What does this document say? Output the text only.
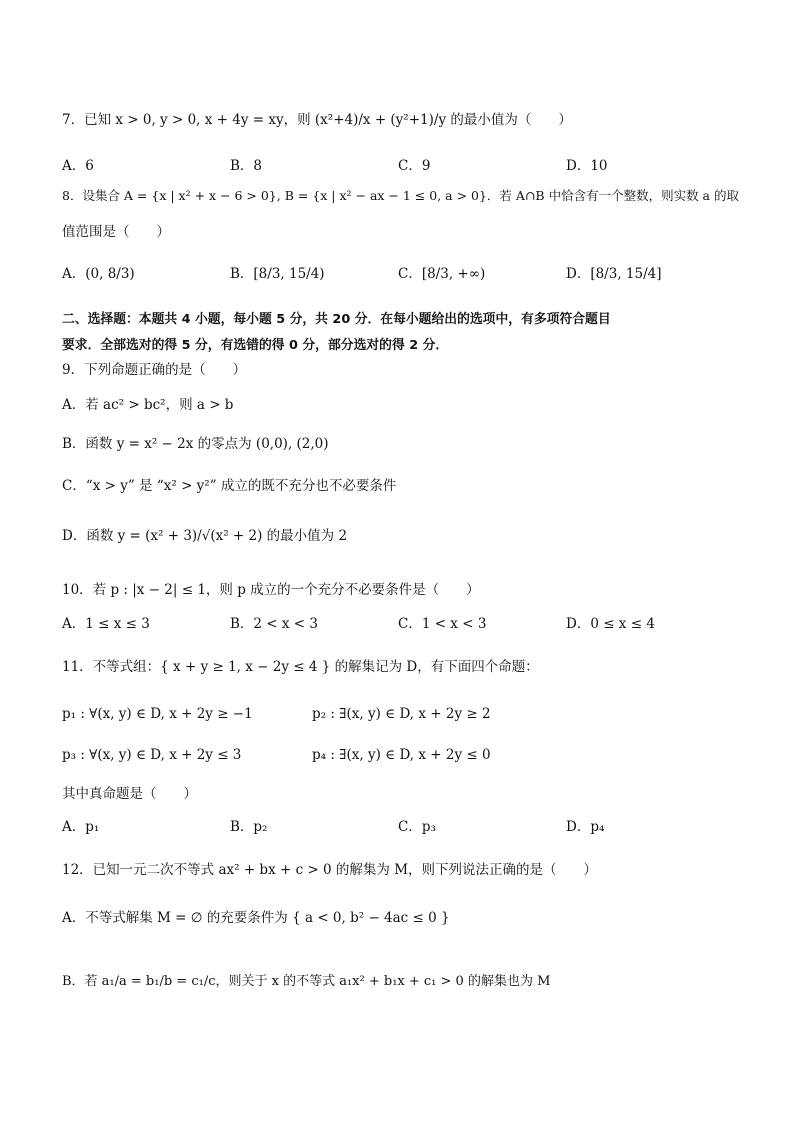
7．已知 x > 0, y > 0, x + 4y = xy，则 (x²+4)/x + (y²+1)/y 的最小值为（　　）
A．6	B．8	C．9	D．10
8．设集合 A = {x | x² + x − 6 > 0}, B = {x | x² − ax − 1 ≤ 0, a > 0}．若 A∩B 中恰含有一个整数，则实数 a 的取
值范围是（　　）
A．(0, 8/3)	B．[8/3, 15/4)	C．[8/3, +∞)	D．[8/3, 15/4]
二、选择题：本题共 4 小题，每小题 5 分，共 20 分．在每小题给出的选项中，有多项符合题目
要求．全部选对的得 5 分，有选错的得 0 分，部分选对的得 2 分．
9．下列命题正确的是（　　）
A．若 ac² > bc²，则 a > b
B．函数 y = x² − 2x 的零点为 (0,0), (2,0)
C．“x > y” 是 “x² > y²” 成立的既不充分也不必要条件
D．函数 y = (x² + 3)/√(x² + 2) 的最小值为 2
10．若 p : |x − 2| ≤ 1，则 p 成立的一个充分不必要条件是（　　）
A．1 ≤ x ≤ 3	B．2 < x < 3	C．1 < x < 3	D．0 ≤ x ≤ 4
11．不等式组：{ x + y ≥ 1, x − 2y ≤ 4 } 的解集记为 D，有下面四个命题：
p₁ : ∀(x, y) ∈ D, x + 2y ≥ −1	p₂ : ∃(x, y) ∈ D, x + 2y ≥ 2
p₃ : ∀(x, y) ∈ D, x + 2y ≤ 3	p₄ : ∃(x, y) ∈ D, x + 2y ≤ 0
其中真命题是（　　）
A．p₁	B．p₂	C．p₃	D．p₄
12．已知一元二次不等式 ax² + bx + c > 0 的解集为 M，则下列说法正确的是（　　）
A．不等式解集 M = ∅ 的充要条件为 { a < 0, b² − 4ac ≤ 0 }
B．若 a₁/a = b₁/b = c₁/c，则关于 x 的不等式 a₁x² + b₁x + c₁ > 0 的解集也为 M
